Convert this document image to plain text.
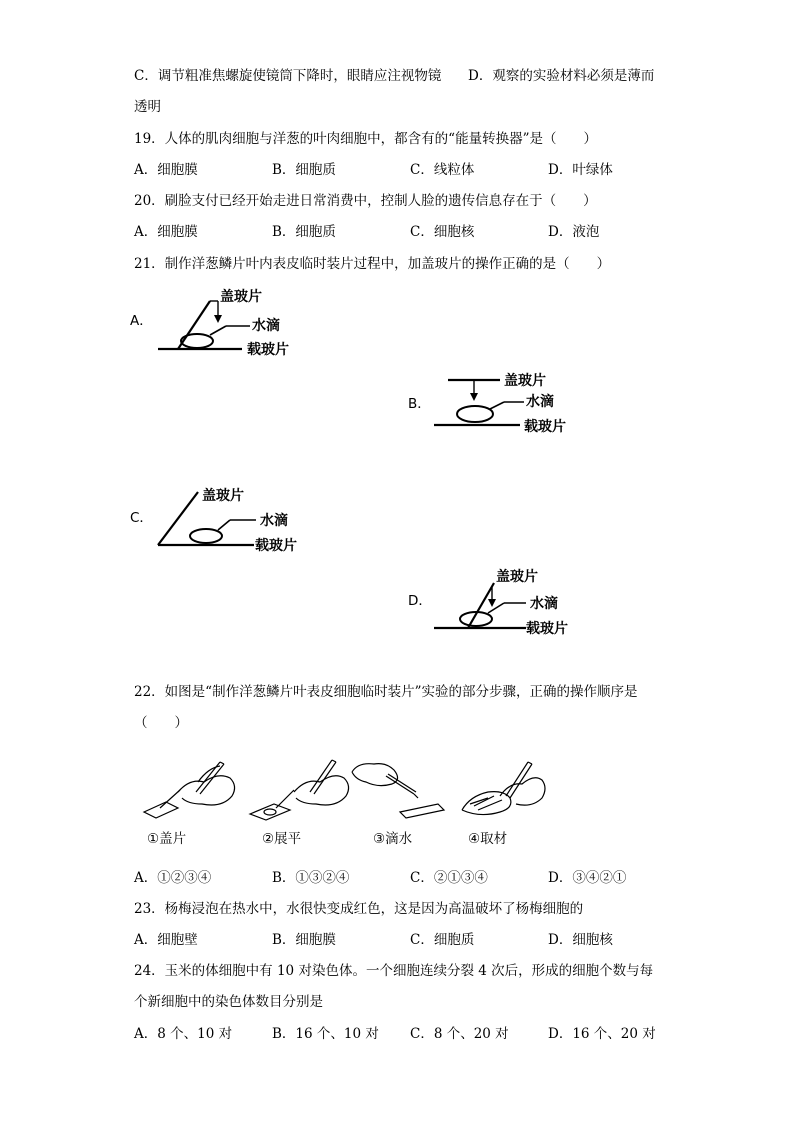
C．调节粗准焦螺旋使镜筒下降时，眼睛应注视物镜 D．观察的实验材料必须是薄而
透明
19．人体的肌肉细胞与洋葱的叶肉细胞中，都含有的“能量转换器”是（　　）
A．细胞膜	B．细胞质	C．线粒体	D．叶绿体
20．刷脸支付已经开始走进日常消费中，控制人脸的遗传信息存在于（　　）
A．细胞膜	B．细胞质	C．细胞核	D．液泡
21．制作洋葱鳞片叶内表皮临时装片过程中，加盖玻片的操作正确的是（　　）
A．
盖玻片
水滴
载玻片
B．
盖玻片
水滴
载玻片
C．
盖玻片
水滴
载玻片
D．
盖玻片
水滴
载玻片
22．如图是“制作洋葱鳞片叶表皮细胞临时装片”实验的部分步骤，正确的操作顺序是
（　　）
①盖片	②展平	③滴水	④取材
A．①②③④	B．①③②④	C．②①③④	D．③④②①
23．杨梅浸泡在热水中，水很快变成红色，这是因为高温破坏了杨梅细胞的
A．细胞壁	B．细胞膜	C．细胞质	D．细胞核
24．玉米的体细胞中有 10 对染色体。一个细胞连续分裂 4 次后，形成的细胞个数与每
个新细胞中的染色体数目分别是
A．8 个、10 对	B．16 个、10 对 C．8 个、20 对	D．16 个、20 对
